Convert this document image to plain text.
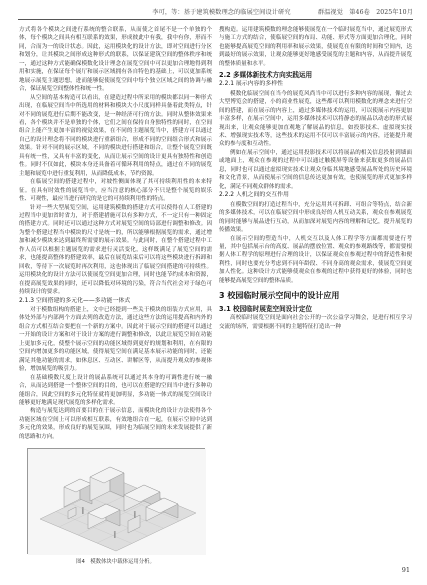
李可，等：基于建筑模数理念的临展空间设计研究　　　　 群温视觉　第46卷　2025年10月

方式将各个模块之间进行系统的整合联系，从而使之首尾不是一个单独的个体，每个模块之间具有相互联系的效果，形成彼此中有我，我中有你，形而不同，合而为一的设计状态。因此，运用模块化的设计方法，即对空间进行分区和划分，让其模块之间形成这种形式的联系，以保证建筑空间的整体秩序和统一，通过这种方式能确保模数化设计理念在展览空间中可以更加合理地得到利用和实施，在保证每个展厅和展示区域拥有各自特色的基础上，可以更加系统地展示展览主题思想，进而能够促使展览空间中每个独立区域之间的协调与融合，保证展览空间整体性和统一性。

从空间的基本构造可以看出，在建造过程中所采用的模块都以同一种形式出现，在临展空间当中所选用的材料和模块大小尺度同样具备着此类特点，针对不同的展览进行后期不能改变，是一种经济可行的方法。同时从整体效果来看，各个模块并不是单独的个体，它们之间在保持自身独特性的同时，在空间组合上能产生更加丰富的视觉效果，在不同的主题展览当中，搭建方可以通过自己的设计理念将不同的模块进行重新组合，形成不同的空间组合形式和展示效果。针对不同的展示区域，不同的模块进行搭建和组合，让整个展览空间既具有统一性，又具有丰富的变化，从而让展示空间的设计更具有独特性和创造性。同时不仅如此，模块本身还具备着可循环利用的特点，通过在不同的展览主题和展览中进行重复利用，从而降低成本，节约资源。

在临展空间的搭建过程中，对坡性侧面体现了其可持续利用性的本来特征。在具有时效性的展览当中，应当注意的核心部分不只是整个展览的娱乐性、可观性，最应当进行研究的是它的可持续利用性的特点。

针对一些大型展览空间，运用建筑模数的搭建方式可以使得在人工搭建的过程当中更加省时省力，对于搭建措施可以有多种方式，不一定只有一种固定的搭建方式。同时还可以通过这种方式对展览空间的局部进行调整和修改。因为整个搭建过程当中模块的尺寸是统一的，所以能够根据展览的需求，通过增加和减少模块来达到最终所需要的展示效果。与此同时，在整个搭建过程中工作人员可以根据主题展览的需求进行灵活变化，这样既满足了展览空间的需求，也能提高整体的搭建效率，最后在展览结束后可以将这些模块进行拆卸和回收，等待下一次展览时再次利用，这也体现出了临展空间搭建的可持续性。运用模块化的设计方法可以使展览空间更加合理，同时也能节约成本和资源，在提高展览效果的同时，还可以降低对环境的污染，符合当代社会对于绿色可持续设计的要求。

2.1.3 空间搭建的多元化——多功能一体式

对于模数组构的搭建上，文中已经提到一些关于模块的组装方式应用，具体处外部与内部两个方面去列的改造方法，通过这些方法的运用提高和内外的组合方式相互结合要把在一个新的方案中。因此对于展示空间的搭建可以通过一开始的设计方案和对于设计方案的进行调整和修改，以此让展览空间在功能上更加多元化，使整个展示空间的功能区域得到更好的规划和利用，在有限的空间内增加更多的功能区域，使得展览空间在满足基本展示功能的同时，还能满足其他功能的需求，如休息区、互动区、讲解区等，从而提升观众的参观体验，增加展览的吸引力。

在基础模数尺度上设计的展品系统可以通过其本身的可调性进行统一融合，从而达到搭建一个整体空间的目的，也可以在搭建的空间当中进行多种功能组合，因此空间的多元化特征就将更加明显，多功能一体式的展览空间设计能够更好地满足现代展览的多样化需求。

构造与展览达到的首要目的在于展示信息，而模块化的设计方法使得各个功能区域在空间上可以形成相互联系，有效地组合在一起，在展示空间中达到多元化的效果，形成良好的展览氛围，同时也为临展空间的未来发展提供了新的思路和方向。

图4　模数体块中载体运用分析。

搜构造。运用建筑模数的理念能够使展览在一个临时展览当中，通过展览形式与施工方式的结合，使临展空间的布局、功能、形式等方面更加合理化，同时也能够提高展览空间的利用率和展示效果，使展览在有限的时间和空间内，达到最好的展示效果，让观众能够更好地感受展览的主题和内容，从而提升展览的整体质量和水平。

2.2 多媒体新技术方向实践运用
2.2.1 展示内容的多样性

模数化临展空间在当今的展览风尚当中可以进行多种内容的展现，像过去大型博览会的搭建，小的商业性展览，这些都可以利用模数化的理念来进行空间的搭建，而在展示的内容上，通过多媒体技术的运用，可以使展示内容更加丰富多样，在展示空间中，运用多媒体技术可以将静态的展品以动态的形式展现出来，让观众能够更加直观地了解展品的信息，如投影技术、虚拟现实技术、增强现实技术等，这些技术的运用不仅可以丰富展示的内容，还能提升观众的参与度和互动性。

例如在展示空间中，通过运用投影技术可以将展品的相关信息投射到墙面或地面上，观众在参观的过程中可以通过触摸屏等设备来获取更多的展品信息，同时也可以通过虚拟现实技术让观众身临其境地感受展品所处的历史环境和文化背景，从而使展示空间的信息传达更加有效，也使展览的形式更加多样化，满足不同观众群体的需求。

2.2.2 人机之间的交互作用

在模数空间的打造过程当中，充分运用其可拆卸、可组合等特点，结合新的多媒体技术，可以在临展空间中形成良好的人机互动关系，观众在参观展览的同时能够与展品进行互动，从而加深对展览内容的理解和记忆，提升展览的传播效果。

在展示空间的塑造当中，人机交互以及人体工程学等方面都需要进行考量，其中包括展示台的高度、展品的摆放位置、观众的参观路线等，都需要根据人体工程学的原理进行合理的设计，以保证观众在参观过程中的舒适性和便利性，同时也要充分考虑到不同年龄段、不同身高的观众需求，使展览空间更加人性化。这种设计方式能够使观众在参观的过程中获得更好的体验，同时也能够提高展览空间的整体品质。

3 校园临时展示空间中的设计应用
3.1 校园临时展览空间设计定位

高校临时展览空间是面向社会公开的一次公益学习舞会，是进行相互学习交流的场所，需要根据不同的主题特征打造出一种

91
